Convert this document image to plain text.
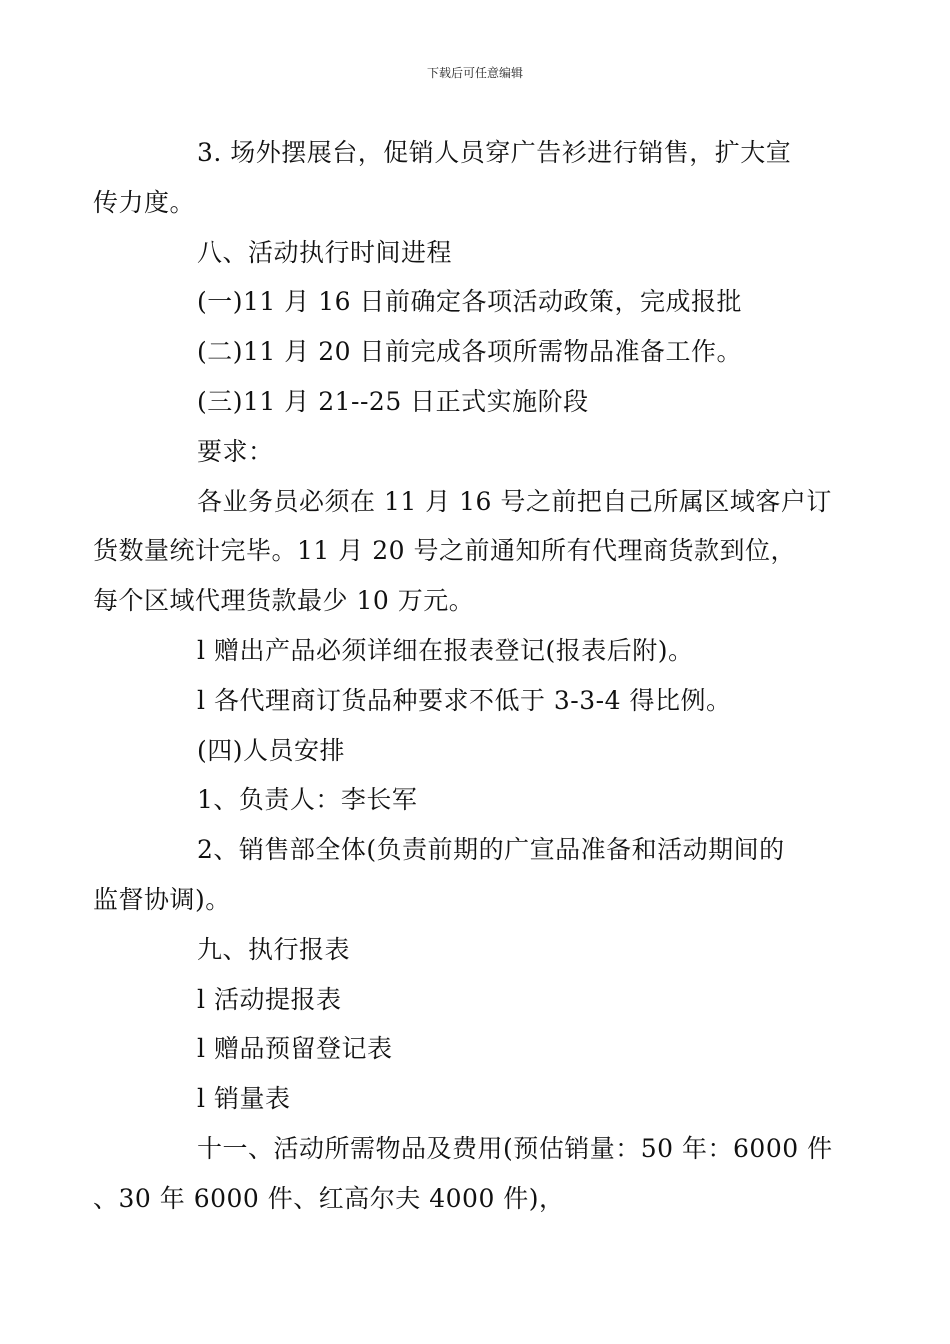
下载后可任意编辑

3. 场外摆展台，促销人员穿广告衫进行销售，扩大宣
传力度。

八、活动执行时间进程

(一)11 月 16 日前确定各项活动政策，完成报批

(二)11 月 20 日前完成各项所需物品准备工作。

(三)11 月 21--25 日正式实施阶段

要求：

各业务员必须在 11 月 16 号之前把自己所属区域客户订
货数量统计完毕。11 月 20 号之前通知所有代理商货款到位，
每个区域代理货款最少 10 万元。

l 赠出产品必须详细在报表登记(报表后附)。

l 各代理商订货品种要求不低于 3-3-4 得比例。

(四)人员安排

1、负责人：李长军

2、销售部全体(负责前期的广宣品准备和活动期间的
监督协调)。

九、执行报表

l 活动提报表

l 赠品预留登记表

l 销量表

十一、活动所需物品及费用(预估销量：50 年：6000 件
、30 年 6000 件、红高尔夫 4000 件)，
